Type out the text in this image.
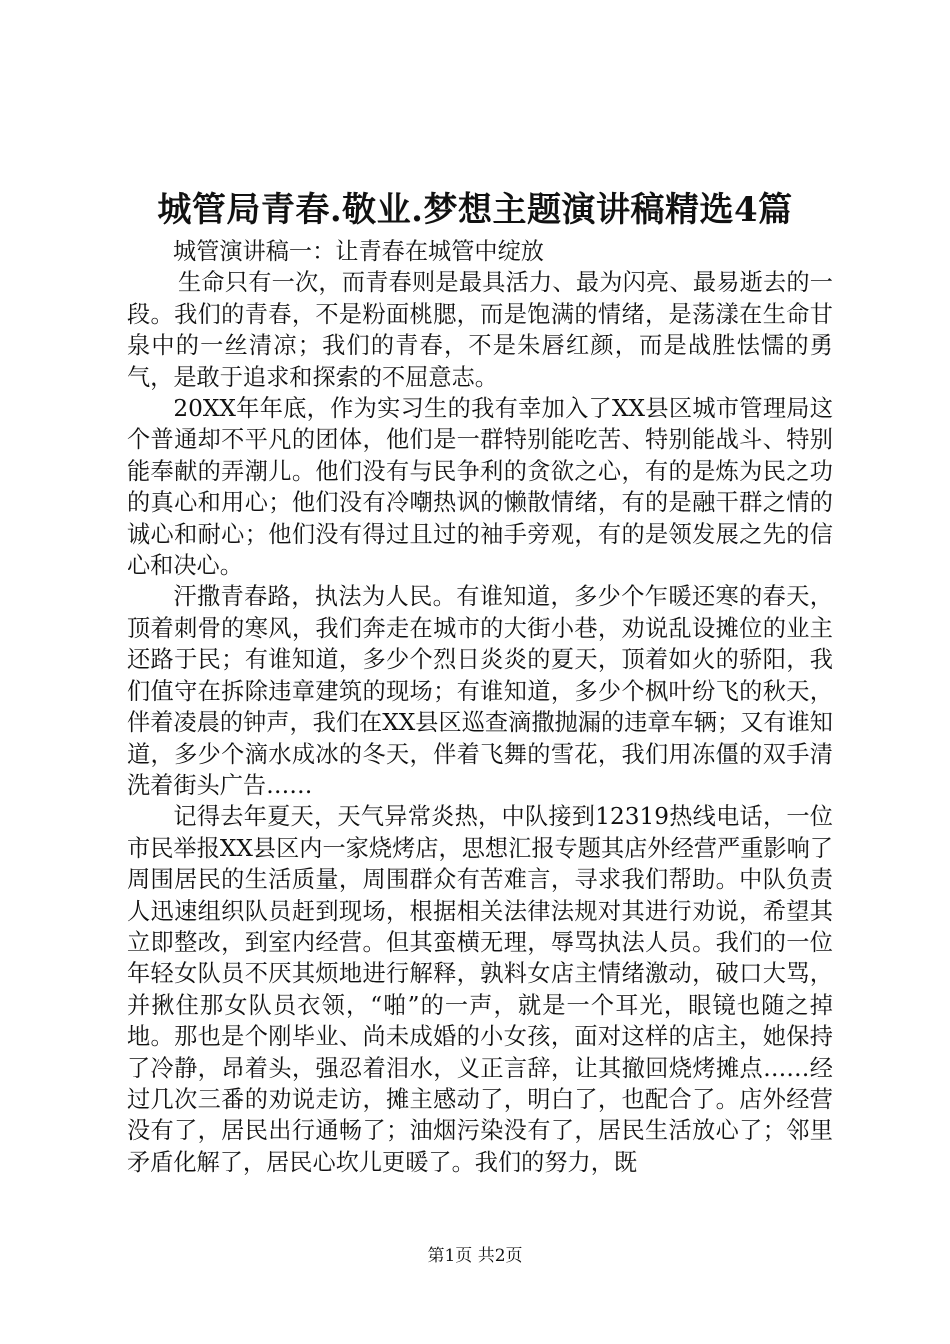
城管局青春.敬业.梦想主题演讲稿精选4篇

城管演讲稿一：让青春在城管中绽放

生命只有一次，而青春则是最具活力、最为闪亮、最易逝去的一段。我们的青春，不是粉面桃腮，而是饱满的情绪，是荡漾在生命甘泉中的一丝清凉；我们的青春，不是朱唇红颜，而是战胜怯懦的勇气，是敢于追求和探索的不屈意志。

20XX年年底，作为实习生的我有幸加入了XX县区城市管理局这个普通却不平凡的团体，他们是一群特别能吃苦、特别能战斗、特别能奉献的弄潮儿。他们没有与民争利的贪欲之心，有的是炼为民之功的真心和用心；他们没有冷嘲热讽的懒散情绪，有的是融干群之情的诚心和耐心；他们没有得过且过的袖手旁观，有的是领发展之先的信心和决心。

汗撒青春路，执法为人民。有谁知道，多少个乍暖还寒的春天，顶着刺骨的寒风，我们奔走在城市的大街小巷，劝说乱设摊位的业主还路于民；有谁知道，多少个烈日炎炎的夏天，顶着如火的骄阳，我们值守在拆除违章建筑的现场；有谁知道，多少个枫叶纷飞的秋天，伴着凌晨的钟声，我们在XX县区巡查滴撒抛漏的违章车辆；又有谁知道，多少个滴水成冰的冬天，伴着飞舞的雪花，我们用冻僵的双手清洗着街头广告……

记得去年夏天，天气异常炎热，中队接到12319热线电话，一位市民举报XX县区内一家烧烤店，思想汇报专题其店外经营严重影响了周围居民的生活质量，周围群众有苦难言，寻求我们帮助。中队负责人迅速组织队员赶到现场，根据相关法律法规对其进行劝说，希望其立即整改，到室内经营。但其蛮横无理，辱骂执法人员。我们的一位年轻女队员不厌其烦地进行解释，孰料女店主情绪激动，破口大骂，并揪住那女队员衣领，“啪”的一声，就是一个耳光，眼镜也随之掉地。那也是个刚毕业、尚未成婚的小女孩，面对这样的店主，她保持了冷静，昂着头，强忍着泪水，义正言辞，让其撤回烧烤摊点……经过几次三番的劝说走访，摊主感动了，明白了，也配合了。店外经营没有了，居民出行通畅了；油烟污染没有了，居民生活放心了；邻里矛盾化解了，居民心坎儿更暖了。我们的努力，既

第1页 共2页
